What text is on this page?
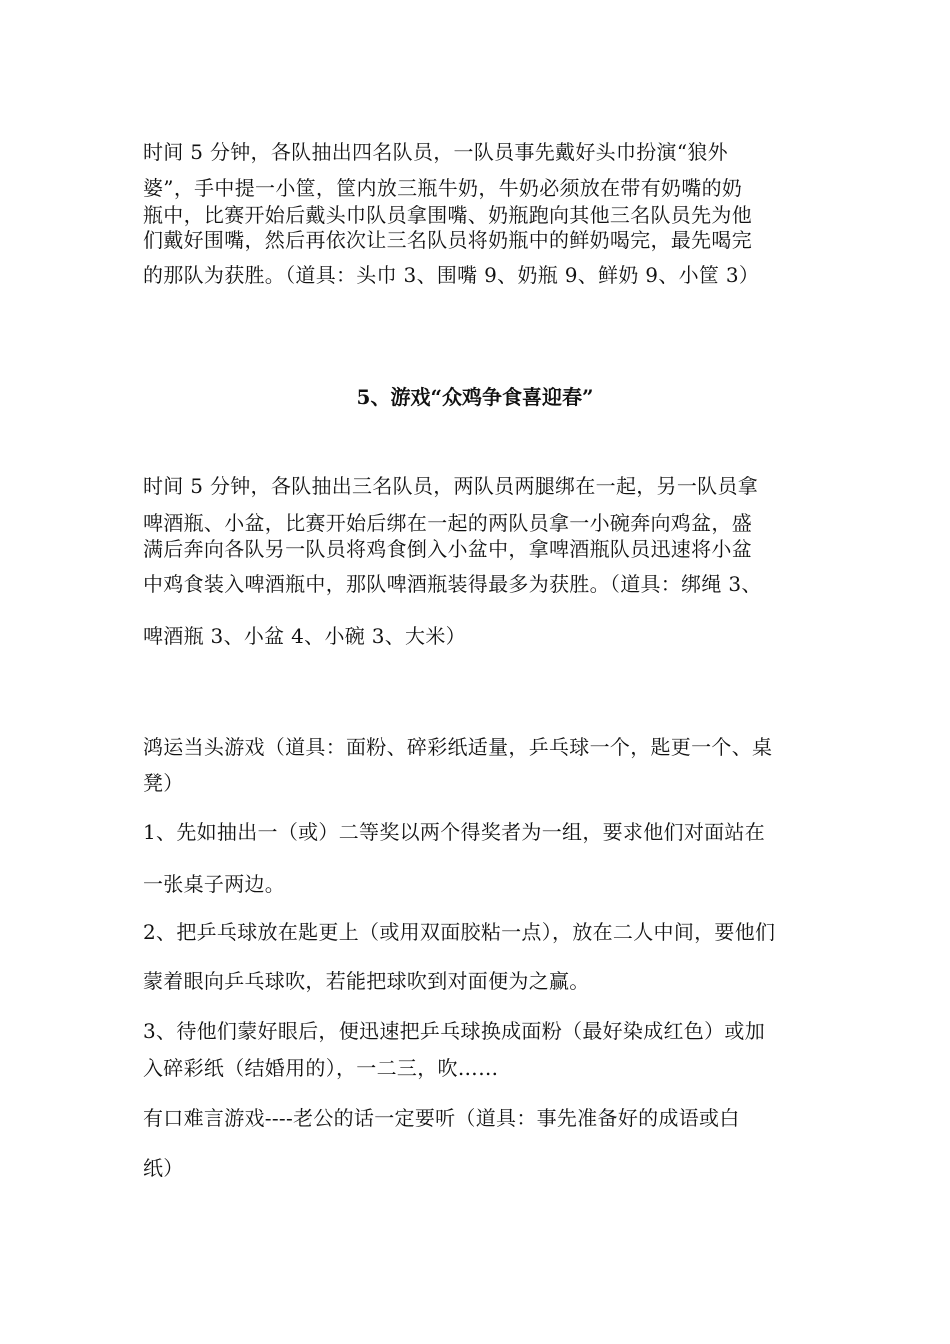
时间 5 分钟，各队抽出四名队员，一队员事先戴好头巾扮演“狼外
婆”，手中提一小筐，筐内放三瓶牛奶，牛奶必须放在带有奶嘴的奶
瓶中，比赛开始后戴头巾队员拿围嘴、奶瓶跑向其他三名队员先为他
们戴好围嘴，然后再依次让三名队员将奶瓶中的鲜奶喝完，最先喝完
的那队为获胜。（道具：头巾 3、围嘴 9、奶瓶 9、鲜奶 9、小筐 3）
5、游戏“众鸡争食喜迎春”
时间 5 分钟，各队抽出三名队员，两队员两腿绑在一起，另一队员拿
啤酒瓶、小盆，比赛开始后绑在一起的两队员拿一小碗奔向鸡盆，盛
满后奔向各队另一队员将鸡食倒入小盆中，拿啤酒瓶队员迅速将小盆
中鸡食装入啤酒瓶中，那队啤酒瓶装得最多为获胜。（道具：绑绳 3、
啤酒瓶 3、小盆 4、小碗 3、大米）
鸿运当头游戏（道具：面粉、碎彩纸适量，乒乓球一个，匙更一个、桌
凳）
1、先如抽出一（或）二等奖以两个得奖者为一组，要求他们对面站在
一张桌子两边。
2、把乒乓球放在匙更上（或用双面胶粘一点），放在二人中间，要他们
蒙着眼向乒乓球吹，若能把球吹到对面便为之赢。
3、待他们蒙好眼后，便迅速把乒乓球换成面粉（最好染成红色）或加
入碎彩纸（结婚用的），一二三，吹……
有口难言游戏----老公的话一定要听（道具：事先准备好的成语或白
纸）
